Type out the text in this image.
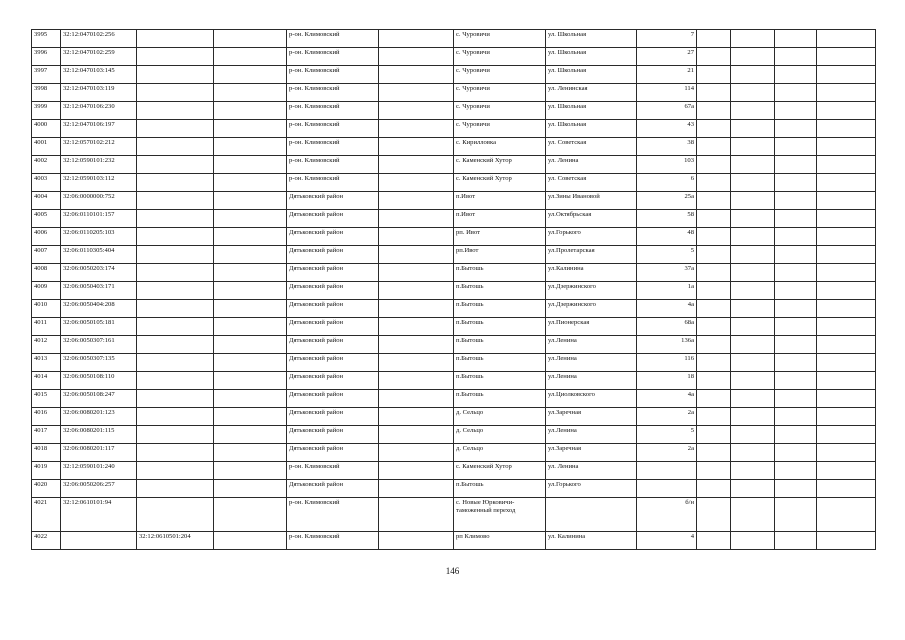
3995	32:12:0470102:256			р-он. Климовский		с. Чуровичи	ул. Школьная	7				
3996	32:12:0470102:259			р-он. Климовский		с. Чуровичи	ул. Школьная	27				
3997	32:12:0470103:145			р-он. Климовский		с. Чуровичи	ул. Школьная	21				
3998	32:12:0470103:119			р-он. Климовский		с. Чуровичи	ул. Ленинская	114				
3999	32:12:0470106:230			р-он. Климовский		с. Чуровичи	ул. Школьная	67a				
4000	32:12:0470106:197			р-он. Климовский		с. Чуровичи	ул. Школьная	43				
4001	32:12:0570102:212			р-он. Климовский		с. Кирилловка	ул. Советская	38				
4002	32:12:0590101:232			р-он. Климовский		с. Каменский Хутор	ул. Ленина	103				
4003	32:12:0590103:112			р-он. Климовский		с. Каменский Хутор	ул. Советская	6				
4004	32:06:0000000:752			Дятьковский район		п.Ивот	ул.Зины Ивановой	25a				
4005	32:06:0110101:157			Дятьковский район		п.Ивот	ул.Октябрьская	58				
4006	32:06:0110205:103			Дятьковский район		рп. Ивот	ул.Горького	48				
4007	32:06:0110305:404			Дятьковский район		рп.Ивот	ул.Пролетарская	5				
4008	32:06:0050203:174			Дятьковский район		п.Бытошь	ул.Калинина	37a				
4009	32:06:0050403:171			Дятьковский район		п.Бытошь	ул.Дзержинского	1a				
4010	32:06:0050404:208			Дятьковский район		п.Бытошь	ул.Дзержинского	4a				
4011	32:06:0050105:181			Дятьковский район		п.Бытошь	ул.Пионерская	68a				
4012	32:06:0050307:161			Дятьковский район		п.Бытошь	ул.Ленина	136a				
4013	32:06:0050307:135			Дятьковский район		п.Бытошь	ул.Ленина	116				
4014	32:06:0050108:110			Дятьковский район		п.Бытошь	ул.Ленина	18				
4015	32:06:0050108:247			Дятьковский район		п.Бытошь	ул.Циолковского	4a				
4016	32:06:0080201:123			Дятьковский район		д. Сельцо	ул.Заречная	2a				
4017	32:06:0080201:115			Дятьковский район		д. Сельцо	ул.Ленина	5				
4018	32:06:0080201:117			Дятьковский район		д. Сельцо	ул.Заречная	2a				
4019	32:12:0590101:240			р-он. Климовский		с. Каменский Хутор	ул. Ленина					
4020	32:06:0050206:257			Дятьковский район		п.Бытошь	ул.Горького					
4021	32:12:0610101:94			р-он. Климовский		с. Новые Юрковичи-таможенный переход		б/н				
4022		32:12:0610501:204		р-он. Климовский		рп Климово	ул. Калинина	4				
146
